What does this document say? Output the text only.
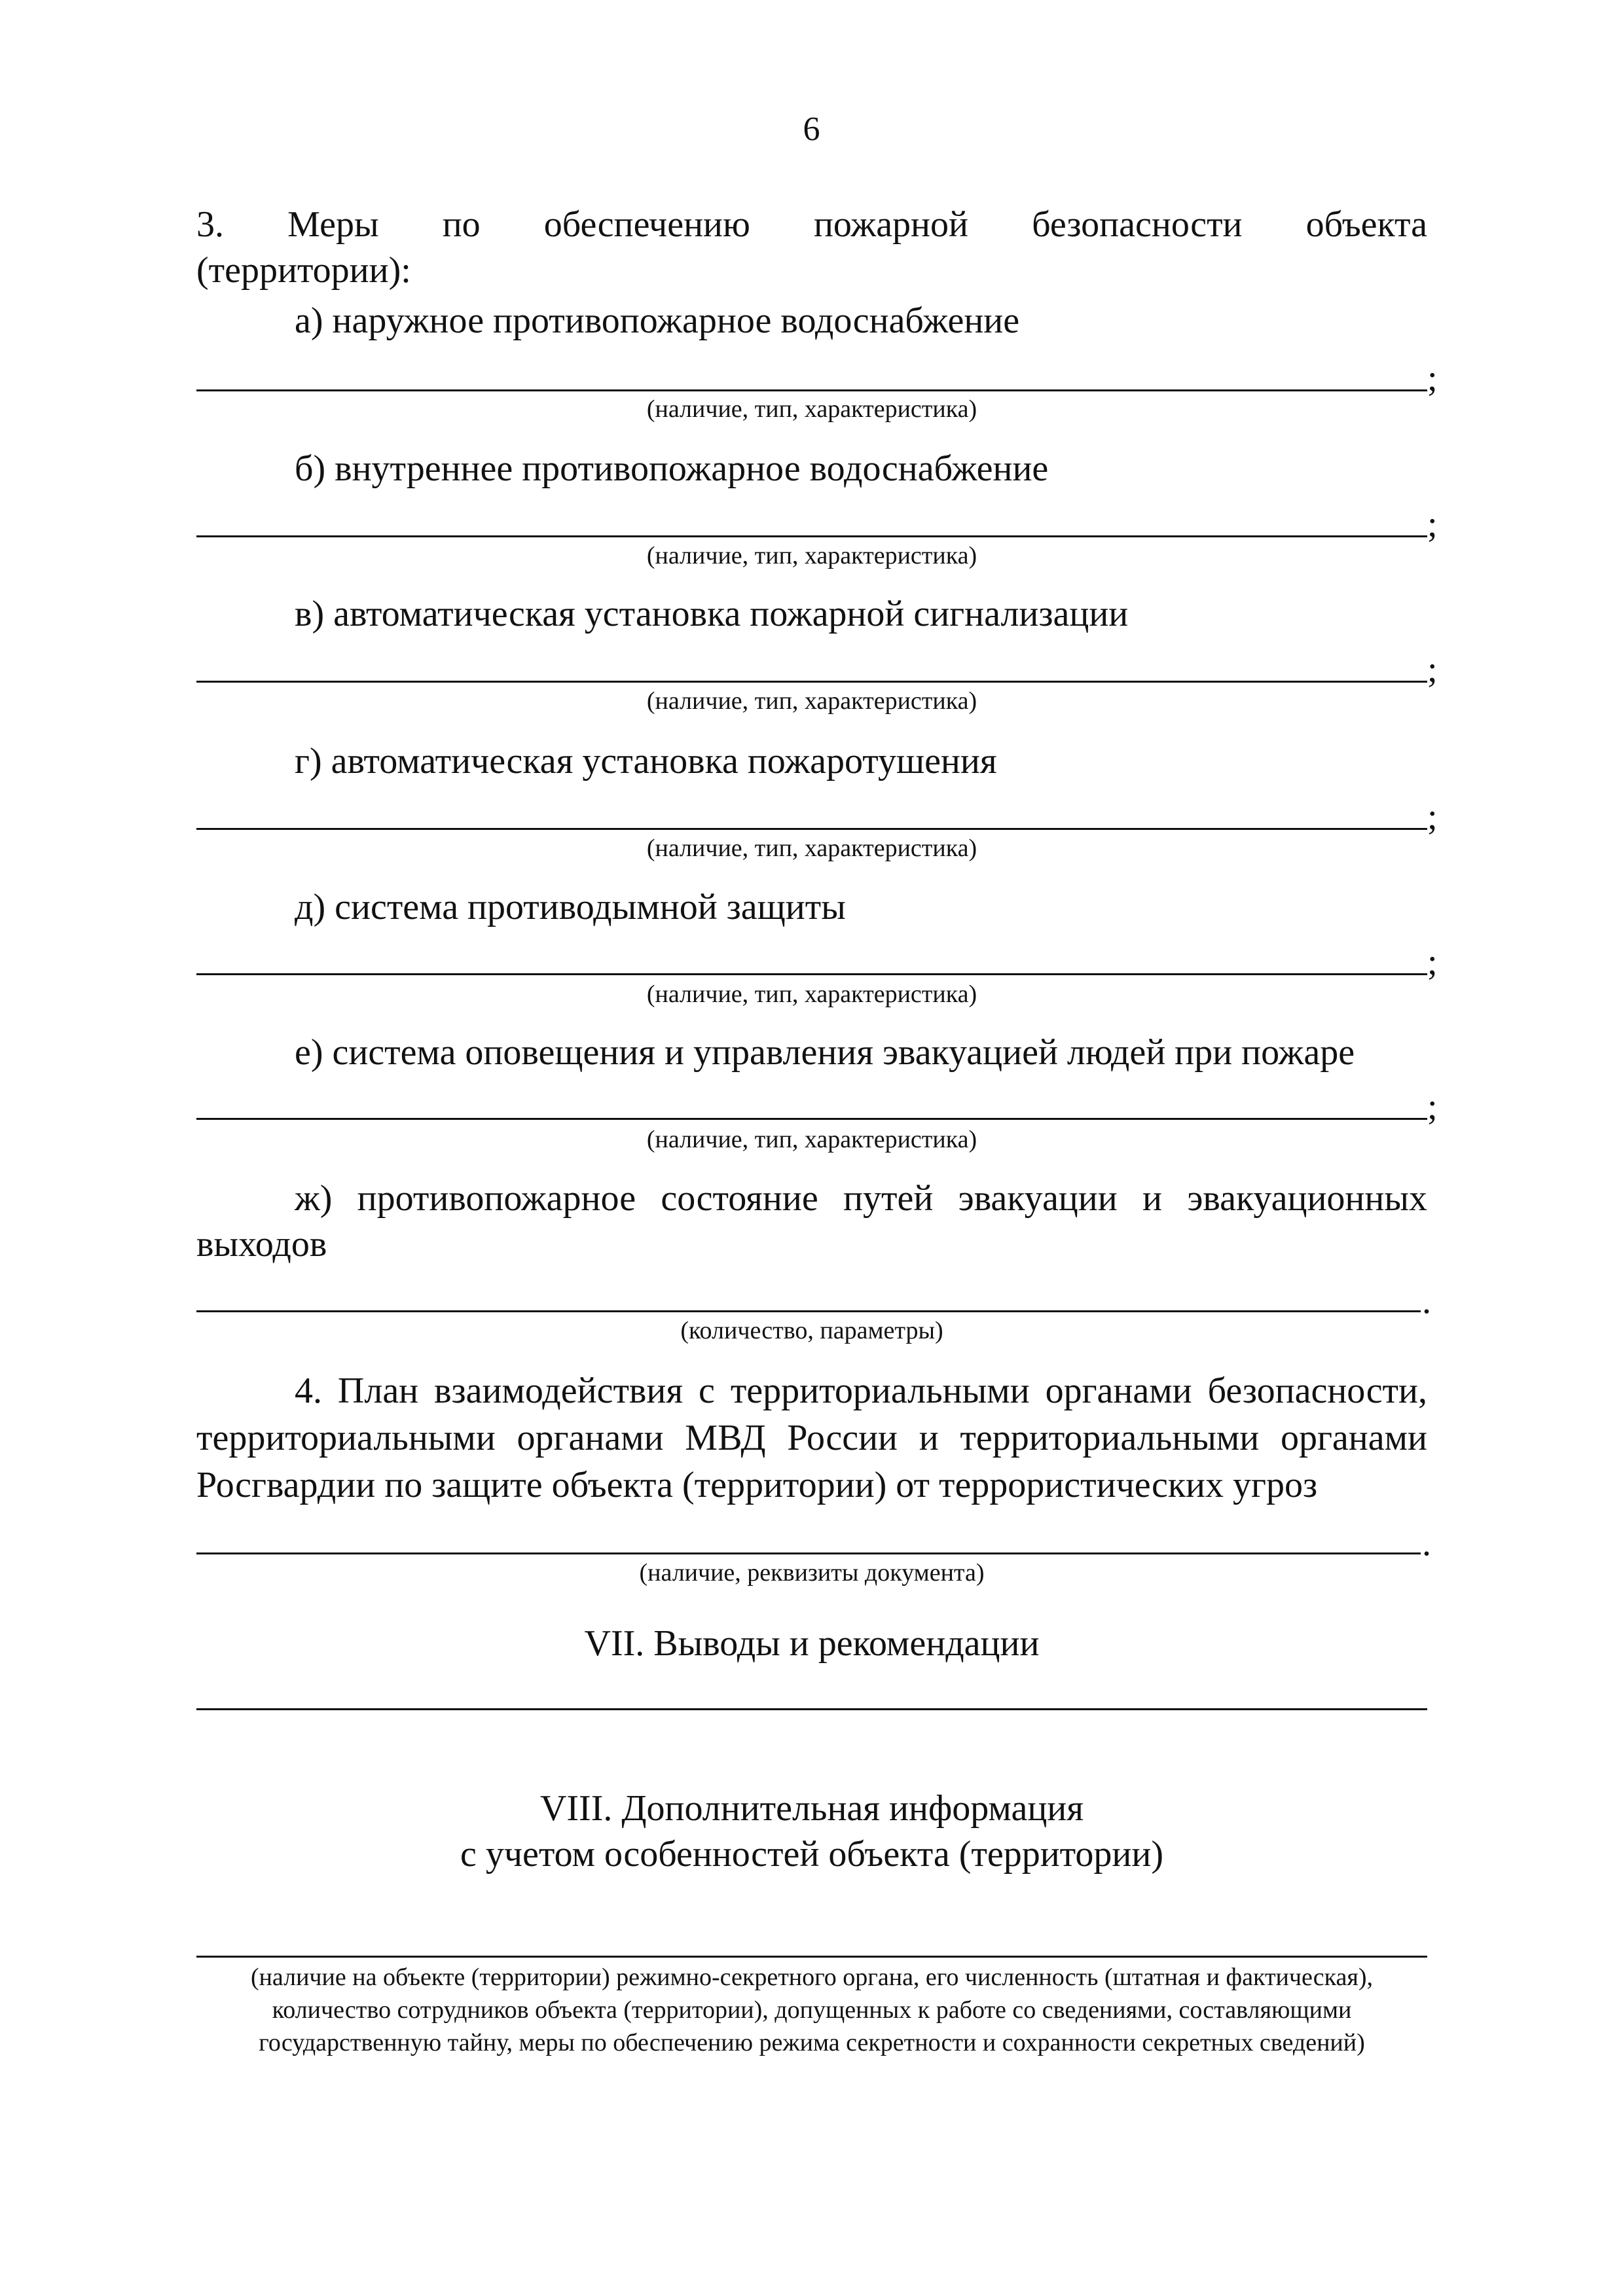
6
3. Меры по обеспечению пожарной безопасности объекта
(территории):
а) наружное противопожарное водоснабжение
;
(наличие, тип, характеристика)
б) внутреннее противопожарное водоснабжение
;
(наличие, тип, характеристика)
в) автоматическая установка пожарной сигнализации
;
(наличие, тип, характеристика)
г) автоматическая установка пожаротушения
;
(наличие, тип, характеристика)
д) система противодымной защиты
;
(наличие, тип, характеристика)
е) система оповещения и управления эвакуацией людей при пожаре
;
(наличие, тип, характеристика)
ж) противопожарное состояние путей эвакуации и эвакуационных
выходов
.
(количество, параметры)
4. План взаимодействия с территориальными органами безопасности,
территориальными органами МВД России и территориальными органами
Росгвардии по защите объекта (территории) от террористических угроз
.
(наличие, реквизиты документа)
VII. Выводы и рекомендации
VIII. Дополнительная информация
с учетом особенностей объекта (территории)
(наличие на объекте (территории) режимно-секретного органа, его численность (штатная и фактическая),
количество сотрудников объекта (территории), допущенных к работе со сведениями, составляющими
государственную тайну, меры по обеспечению режима секретности и сохранности секретных сведений)
